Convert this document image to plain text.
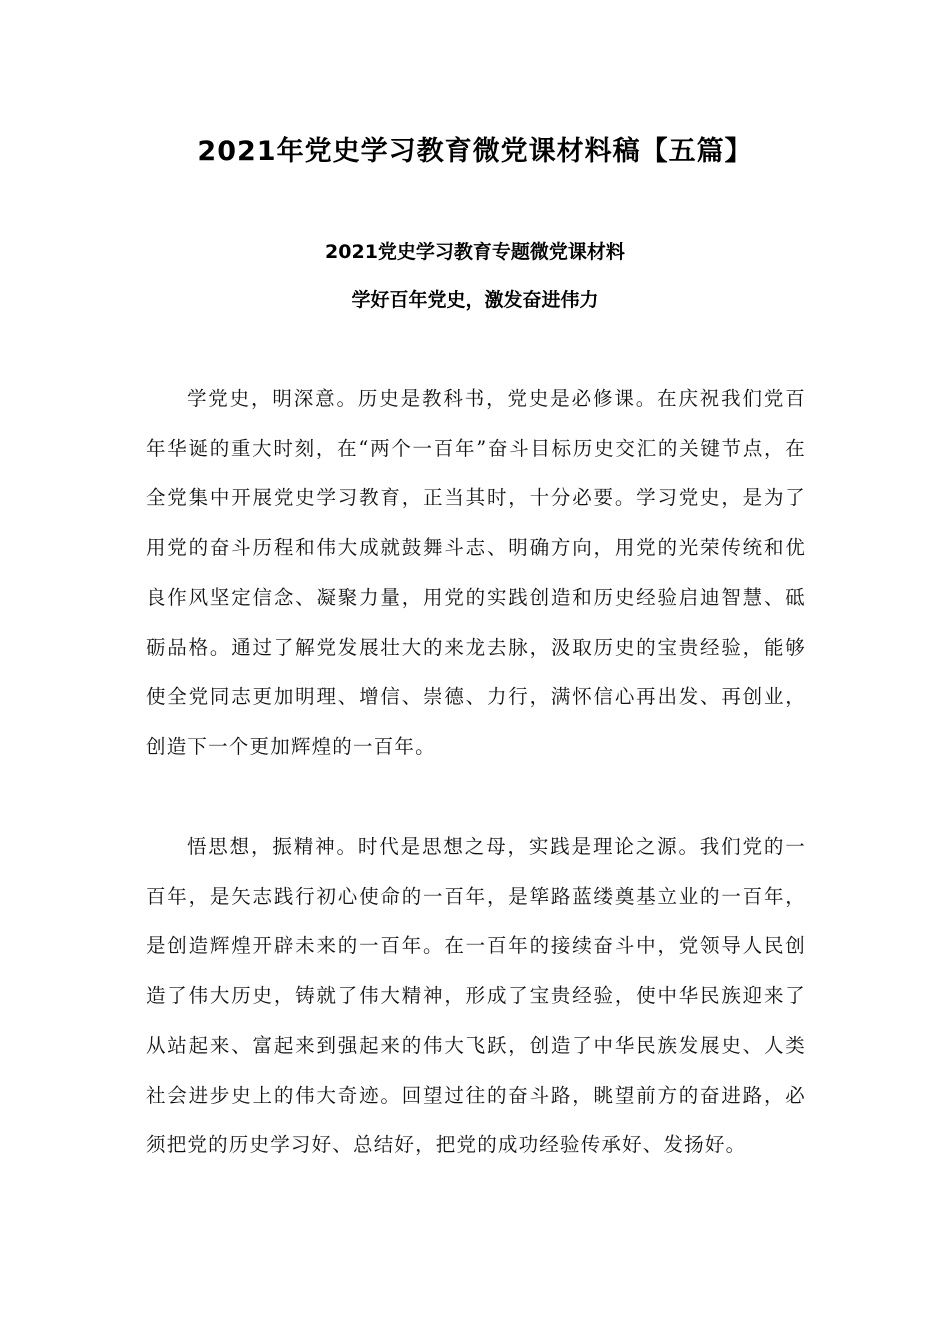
2021年党史学习教育微党课材料稿【五篇】
2021党史学习教育专题微党课材料
学好百年党史，激发奋进伟力

学党史，明深意。历史是教科书，党史是必修课。在庆祝我们党百年华诞的重大时刻，在“两个一百年”奋斗目标历史交汇的关键节点，在全党集中开展党史学习教育，正当其时，十分必要。学习党史，是为了用党的奋斗历程和伟大成就鼓舞斗志、明确方向，用党的光荣传统和优良作风坚定信念、凝聚力量，用党的实践创造和历史经验启迪智慧、砥砺品格。通过了解党发展壮大的来龙去脉，汲取历史的宝贵经验，能够使全党同志更加明理、增信、崇德、力行，满怀信心再出发、再创业，创造下一个更加辉煌的一百年。

悟思想，振精神。时代是思想之母，实践是理论之源。我们党的一百年，是矢志践行初心使命的一百年，是筚路蓝缕奠基立业的一百年，是创造辉煌开辟未来的一百年。在一百年的接续奋斗中，党领导人民创造了伟大历史，铸就了伟大精神，形成了宝贵经验，使中华民族迎来了从站起来、富起来到强起来的伟大飞跃，创造了中华民族发展史、人类社会进步史上的伟大奇迹。回望过往的奋斗路，眺望前方的奋进路，必须把党的历史学习好、总结好，把党的成功经验传承好、发扬好。
